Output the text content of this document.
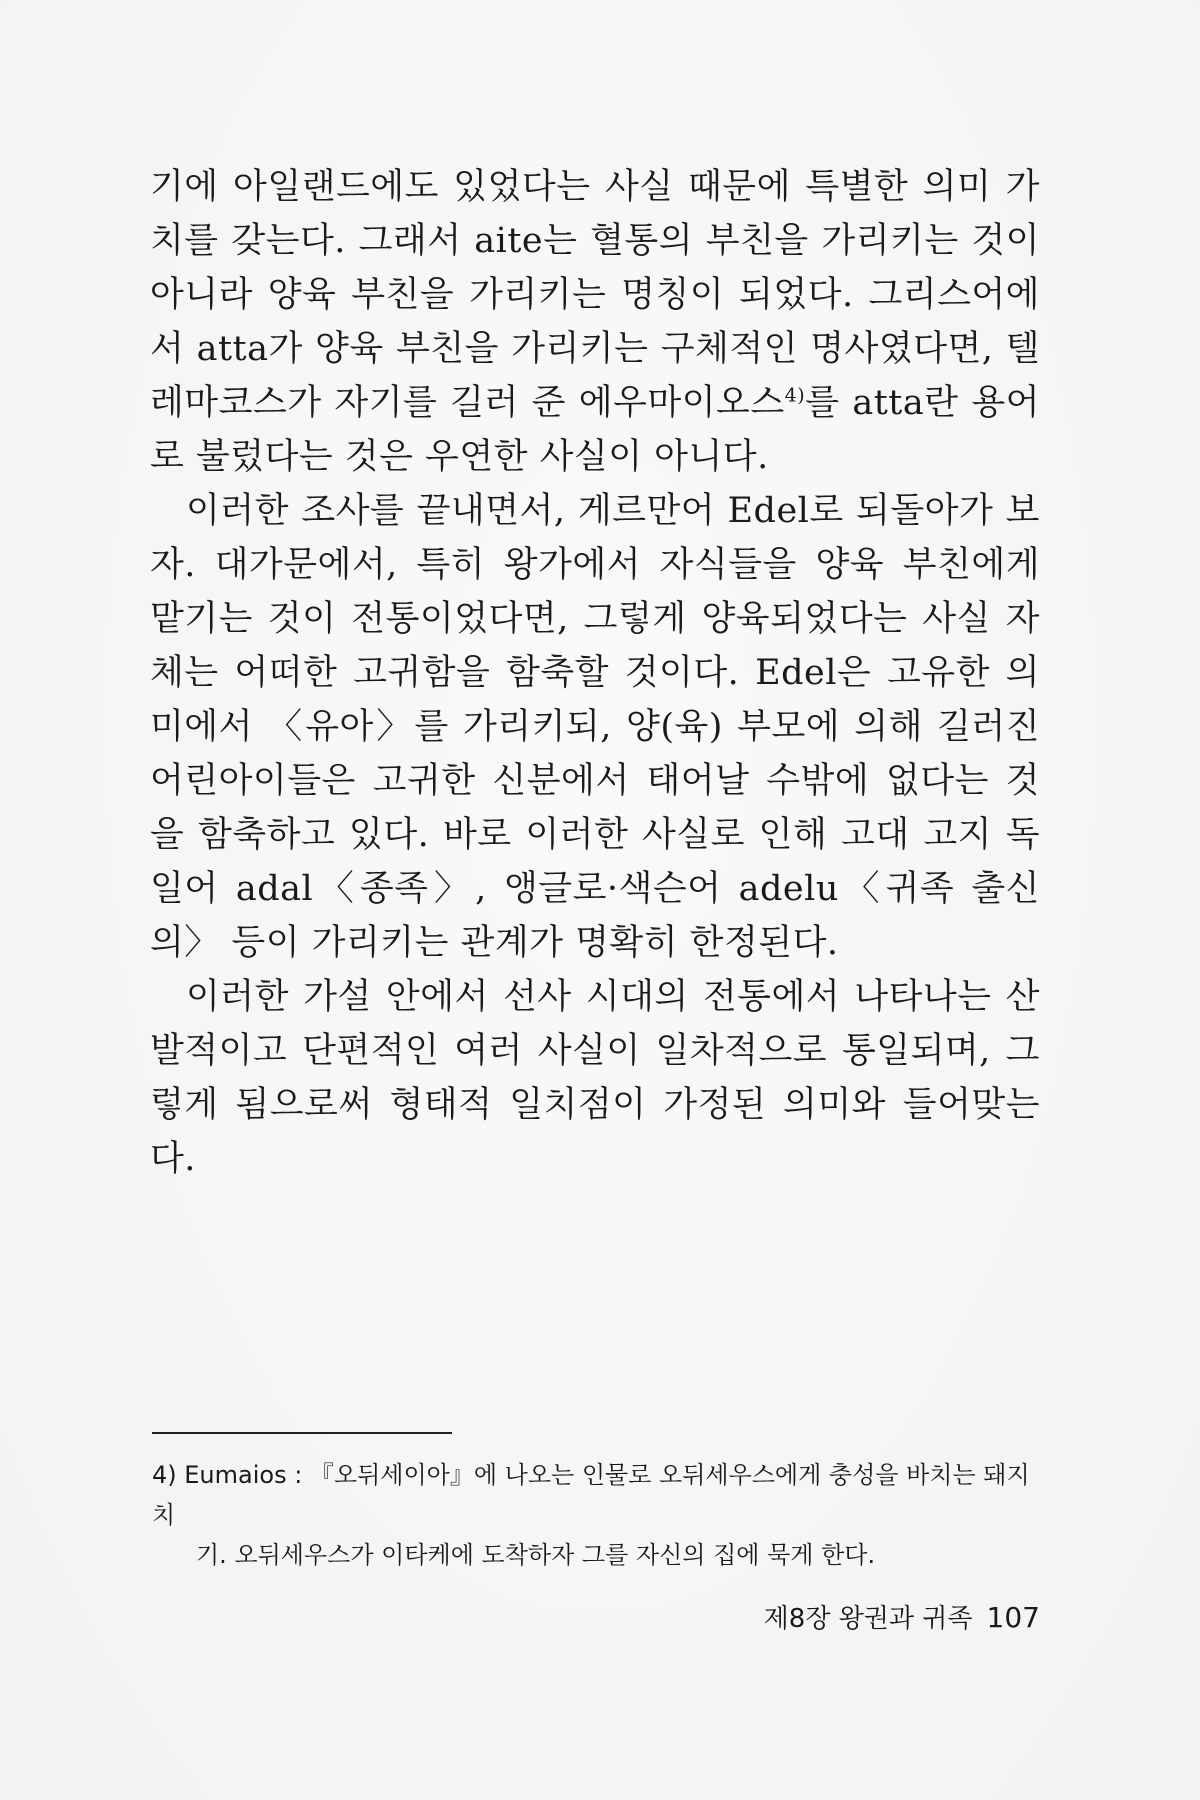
기에 아일랜드에도 있었다는 사실 때문에 특별한 의미 가치를 갖는다. 그래서 aite는 혈통의 부친을 가리키는 것이 아니라 양육 부친을 가리키는 명칭이 되었다. 그리스어에서 atta가 양육 부친을 가리키는 구체적인 명사였다면, 텔레마코스가 자기를 길러 준 에우마이오스$^{4)}$를 atta란 용어로 불렀다는 것은 우연한 사실이 아니다.

이러한 조사를 끝내면서, 게르만어 Edel로 되돌아가 보자. 대가문에서, 특히 왕가에서 자식들을 양육 부친에게 맡기는 것이 전통이었다면, 그렇게 양육되었다는 사실 자체는 어떠한 고귀함을 함축할 것이다. Edel은 고유한 의미에서 〈유아〉를 가리키되, 양(육) 부모에 의해 길러진 어린아이들은 고귀한 신분에서 태어날 수밖에 없다는 것을 함축하고 있다. 바로 이러한 사실로 인해 고대 고지 독일어 adal〈종족〉, 앵글로·색슨어 adelu〈귀족 출신의〉 등이 가리키는 관계가 명확히 한정된다.

이러한 가설 안에서 선사 시대의 전통에서 나타나는 산발적이고 단편적인 여러 사실이 일차적으로 통일되며, 그렇게 됨으로써 형태적 일치점이 가정된 의미와 들어맞는다.

4) Eumaios : 『오뒤세이아』에 나오는 인물로 오뒤세우스에게 충성을 바치는 돼지치
기. 오뒤세우스가 이타케에 도착하자 그를 자신의 집에 묵게 한다.
제8장 왕권과 귀족 107
